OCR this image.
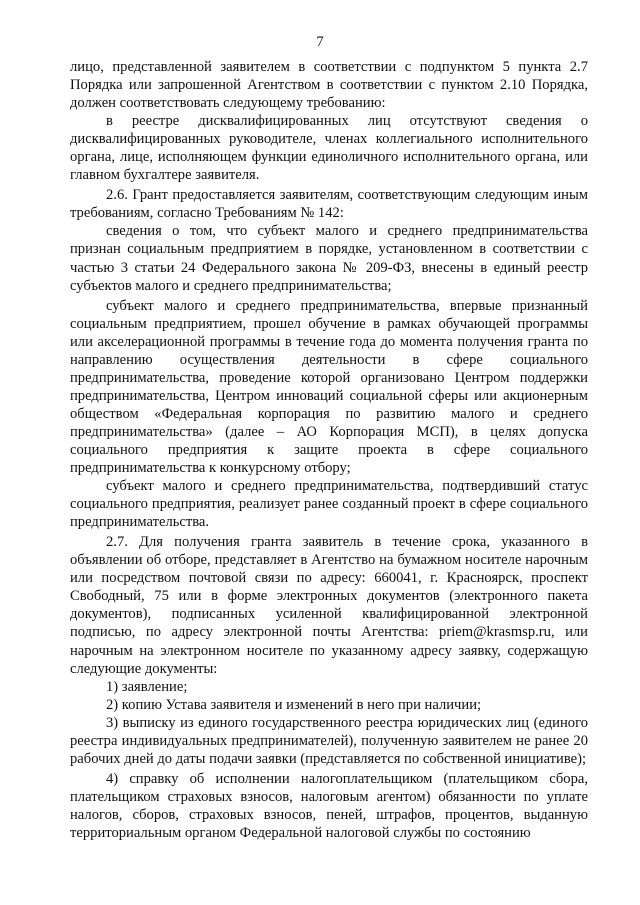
7

лицо, представленной заявителем в соответствии с подпунктом 5 пункта 2.7 Порядка или запрошенной Агентством в соответствии с пунктом 2.10 Порядка, должен соответствовать следующему требованию:

в реестре дисквалифицированных лиц отсутствуют сведения о дисквалифицированных руководителе, членах коллегиального исполнительного органа, лице, исполняющем функции единоличного исполнительного органа, или главном бухгалтере заявителя.

2.6. Грант предоставляется заявителям, соответствующим следующим иным требованиям, согласно Требованиям № 142:

сведения о том, что субъект малого и среднего предпринимательства признан социальным предприятием в порядке, установленном в соответствии с частью 3 статьи 24 Федерального закона № 209-ФЗ, внесены в единый реестр субъектов малого и среднего предпринимательства;

субъект малого и среднего предпринимательства, впервые признанный социальным предприятием, прошел обучение в рамках обучающей программы или акселерационной программы в течение года до момента получения гранта по направлению осуществления деятельности в сфере социального предпринимательства, проведение которой организовано Центром поддержки предпринимательства, Центром инноваций социальной сферы или акционерным обществом «Федеральная корпорация по развитию малого и среднего предпринимательства» (далее – АО Корпорация МСП), в целях допуска социального предприятия к защите проекта в сфере социального предпринимательства к конкурсному отбору;

субъект малого и среднего предпринимательства, подтвердивший статус социального предприятия, реализует ранее созданный проект в сфере социального предпринимательства.

2.7. Для получения гранта заявитель в течение срока, указанного в объявлении об отборе, представляет в Агентство на бумажном носителе нарочным или посредством почтовой связи по адресу: 660041, г. Красноярск, проспект Свободный, 75 или в форме электронных документов (электронного пакета документов), подписанных усиленной квалифицированной электронной подписью, по адресу электронной почты Агентства: priem@krasmsp.ru, или нарочным на электронном носителе по указанному адресу заявку, содержащую следующие документы:

1) заявление;

2) копию Устава заявителя и изменений в него при наличии;

3) выписку из единого государственного реестра юридических лиц (единого реестра индивидуальных предпринимателей), полученную заявителем не ранее 20 рабочих дней до даты подачи заявки (представляется по собственной инициативе);

4) справку об исполнении налогоплательщиком (плательщиком сбора, плательщиком страховых взносов, налоговым агентом) обязанности по уплате налогов, сборов, страховых взносов, пеней, штрафов, процентов, выданную территориальным органом Федеральной налоговой службы по состоянию
